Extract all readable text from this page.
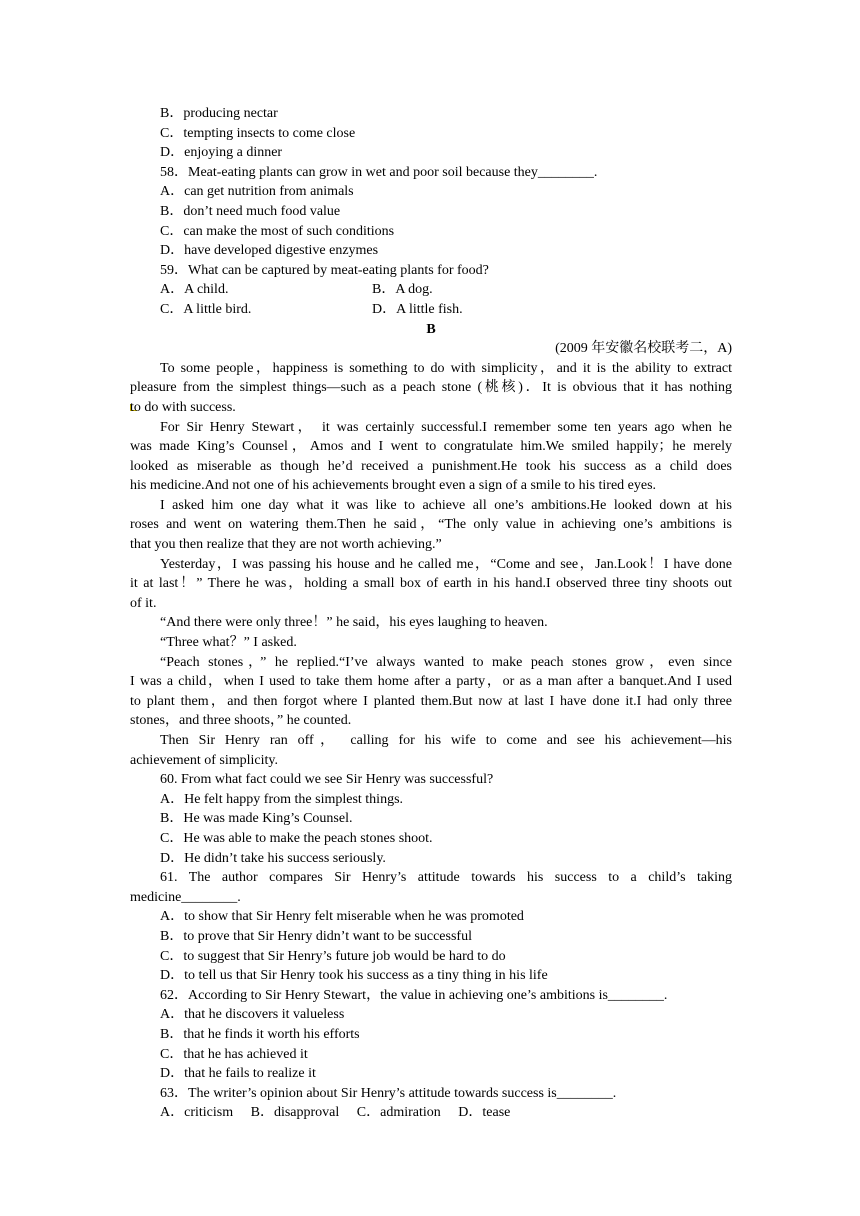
B．producing nectar
C．tempting insects to come close
D．enjoying a dinner
58．Meat-eating plants can grow in wet and poor soil because they________.
A．can get nutrition from animals
B．don’t need much food value
C．can make the most of such conditions
D．have developed digestive enzymes
59．What can be captured by meat-eating plants for food?
A．A child.	B．A dog.
C．A little bird.	D．A little fish.
B
(2009 年安徽名校联考二，A)
To some people，happiness is something to do with simplicity，and it is the ability to extract
pleasure from the simplest things—such as a peach stone (桃核)．It is obvious that it has nothing
to do with success.
For Sir Henry Stewart， it was certainly successful.I remember some ten years ago when he
was made King’s Counsel，Amos and I went to congratulate him.We smiled happily；he merely
looked as miserable as though he’d received a punishment.He took his success as a child does
his medicine.And not one of his achievements brought even a sign of a smile to his tired eyes.
I asked him one day what it was like to achieve all one’s ambitions.He looked down at his
roses and went on watering them.Then he said，“The only value in achieving one’s ambitions is
that you then realize that they are not worth achieving.”
Yesterday，I was passing his house and he called me，“Come and see，Jan.Look！I have done
it at last！” There he was，holding a small box of earth in his hand.I observed three tiny shoots out
of it.
“And there were only three！” he said，his eyes laughing to heaven.
“Three what？” I asked.
“Peach stones，” he replied.“I’ve always wanted to make peach stones grow，even since
I was a child，when I used to take them home after a party，or as a man after a banquet.And I used
to plant them，and then forgot where I planted them.But now at last I have done it.I had only three
stones，and three shoots，” he counted.
Then Sir Henry ran off， calling for his wife to come and see his achievement—his
achievement of simplicity.
60. From what fact could we see Sir Henry was successful?
A．He felt happy from the simplest things.
B．He was made King’s Counsel.
C．He was able to make the peach stones shoot.
D．He didn’t take his success seriously.
61. The author compares Sir Henry’s attitude towards his success to a child’s taking
medicine________.
A．to show that Sir Henry felt miserable when he was promoted
B．to prove that Sir Henry didn’t want to be successful
C．to suggest that Sir Henry’s future job would be hard to do
D．to tell us that Sir Henry took his success as a tiny thing in his life
62．According to Sir Henry Stewart，the value in achieving one’s ambitions is________.
A．that he discovers it valueless
B．that he finds it worth his efforts
C．that he has achieved it
D．that he fails to realize it
63．The writer’s opinion about Sir Henry’s attitude towards success is________.
A．criticism B．disapproval C．admiration D．tease
